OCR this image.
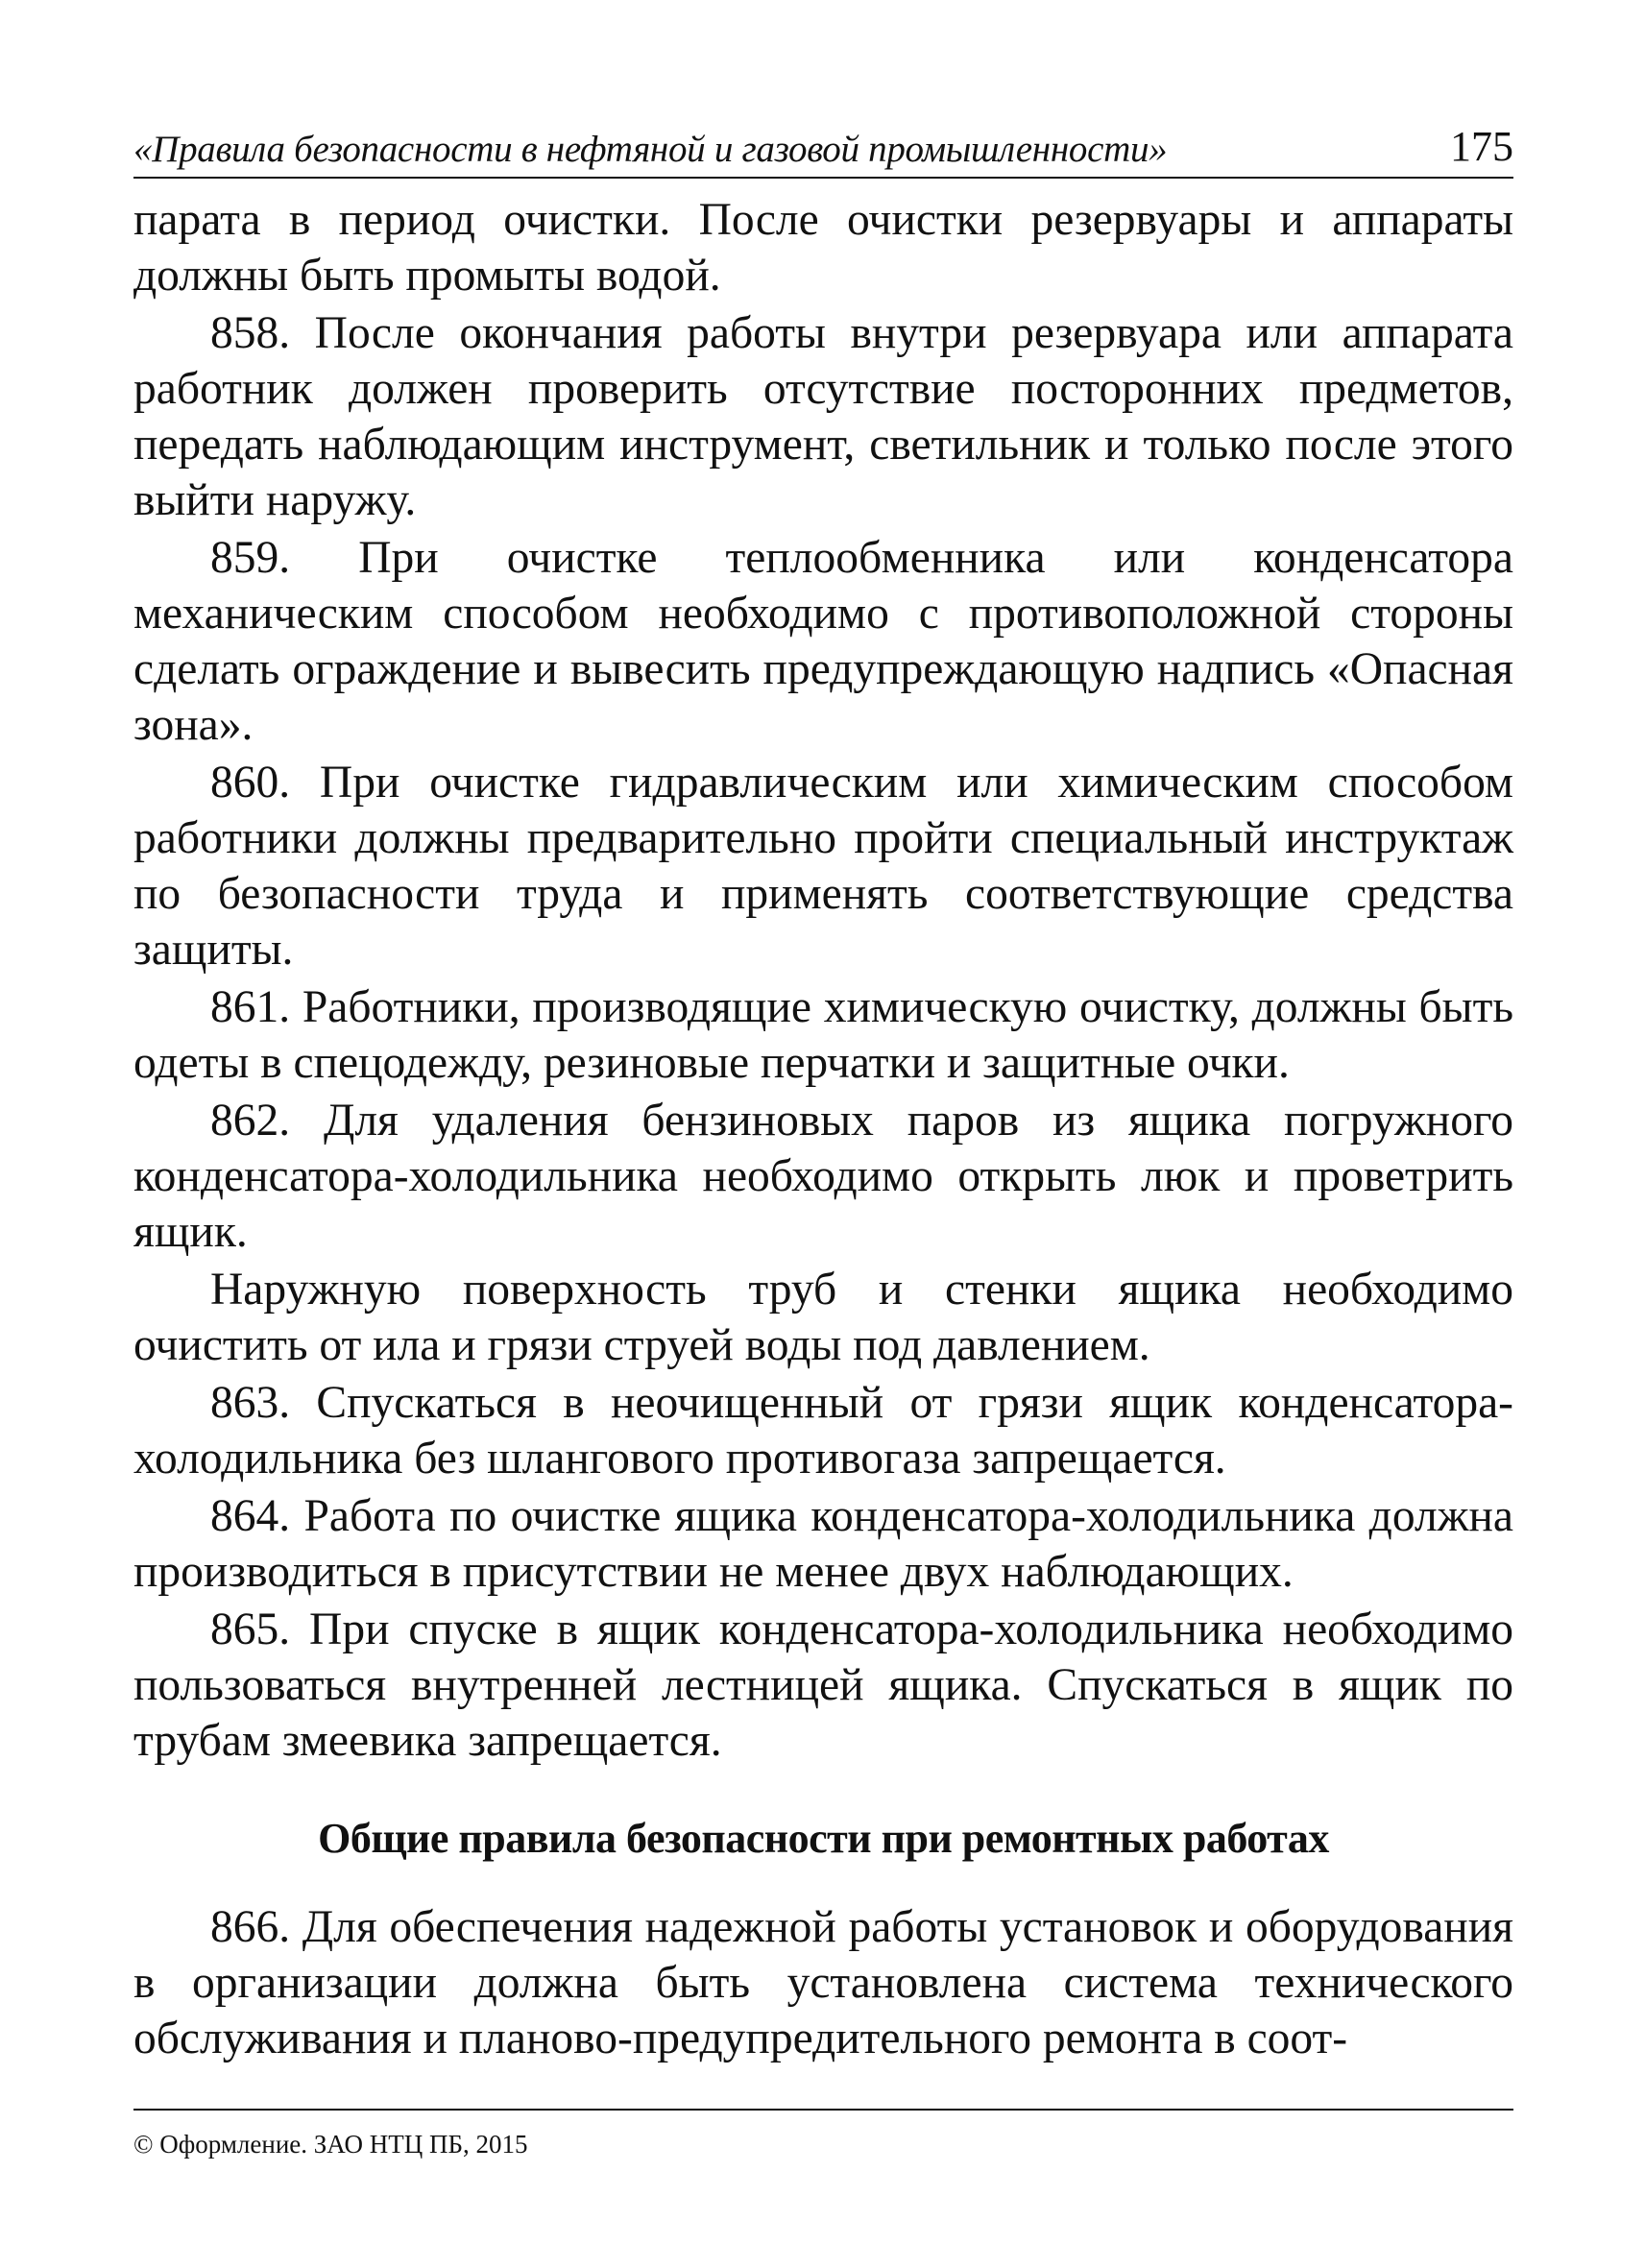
«Правила безопасности в нефтяной и газовой промышленности»	175

парата в период очистки. После очистки резервуары и аппараты должны быть промыты водой.

858. После окончания работы внутри резервуара или аппарата работник должен проверить отсутствие посторонних предметов, передать наблюдающим инструмент, светильник и только после этого выйти наружу.

859. При очистке теплообменника или конденсатора механическим способом необходимо с противоположной стороны сделать ограждение и вывесить предупреждающую надпись «Опасная зона».

860. При очистке гидравлическим или химическим способом работники должны предварительно пройти специальный инструктаж по безопасности труда и применять соответствующие средства защиты.

861. Работники, производящие химическую очистку, должны быть одеты в спецодежду, резиновые перчатки и защитные очки.

862. Для удаления бензиновых паров из ящика погружного конденсатора-холодильника необходимо открыть люк и проветрить ящик.

Наружную поверхность труб и стенки ящика необходимо очистить от ила и грязи струей воды под давлением.

863. Спускаться в неочищенный от грязи ящик конденсатора-холодильника без шлангового противогаза запрещается.

864. Работа по очистке ящика конденсатора-холодильника должна производиться в присутствии не менее двух наблюдающих.

865. При спуске в ящик конденсатора-холодильника необходимо пользоваться внутренней лестницей ящика. Спускаться в ящик по трубам змеевика запрещается.

Общие правила безопасности при ремонтных работах

866. Для обеспечения надежной работы установок и оборудования в организации должна быть установлена система технического обслуживания и планово-предупредительного ремонта в соот-

© Оформление. ЗАО НТЦ ПБ, 2015
